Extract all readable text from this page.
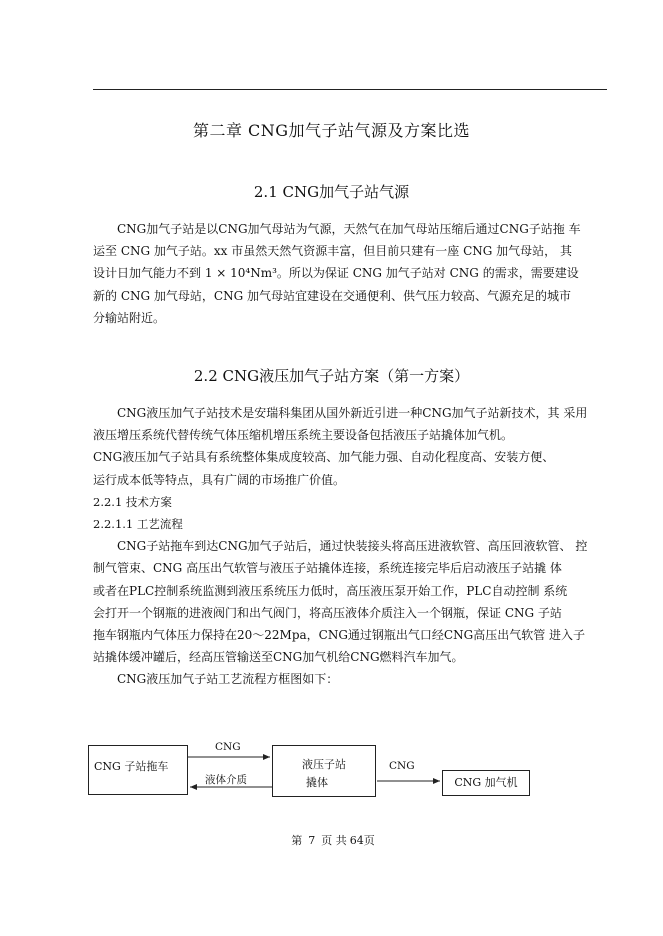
第二章 CNG加气子站气源及方案比选
2.1 CNG加气子站气源
CNG加气子站是以CNG加气母站为气源，天然气在加气母站压缩后通过CNG子站拖 车
运至 CNG 加气子站。xx 市虽然天然气资源丰富，但目前只建有一座 CNG 加气母站， 其
设计日加气能力不到 1 × 10⁴Nm³。所以为保证 CNG 加气子站对 CNG 的需求，需要建设
新的 CNG 加气母站，CNG 加气母站宜建设在交通便利、供气压力较高、气源充足的城市
分输站附近。
2.2 CNG液压加气子站方案（第一方案）
CNG液压加气子站技术是安瑞科集团从国外新近引进一种CNG加气子站新技术，其 采用
液压增压系统代替传统气体压缩机增压系统主要设备包括液压子站撬体加气机。
CNG液压加气子站具有系统整体集成度较高、加气能力强、自动化程度高、安装方便、
运行成本低等特点，具有广阔的市场推广价值。
2.2.1 技术方案
2.2.1.1 工艺流程
CNG子站拖车到达CNG加气子站后，通过快装接头将高压进液软管、高压回液软管、 控
制气管束、CNG 高压出气软管与液压子站撬体连接，系统连接完毕后启动液压子站撬 体
或者在PLC控制系统监测到液压系统压力低时，高压液压泵开始工作，PLC自动控制 系统
会打开一个钢瓶的进液阀门和出气阀门，将高压液体介质注入一个钢瓶，保证 CNG 子站
拖车钢瓶内气体压力保持在20～22Mpa，CNG通过钢瓶出气口经CNG高压出气软管 进入子
站撬体缓冲罐后，经高压管输送至CNG加气机给CNG燃料汽车加气。
CNG液压加气子站工艺流程方框图如下：
CNG 子站拖车	液压子站
撬体	CNG 加气机
CNG
液体介质
CNG
第 7 页 共 64页
